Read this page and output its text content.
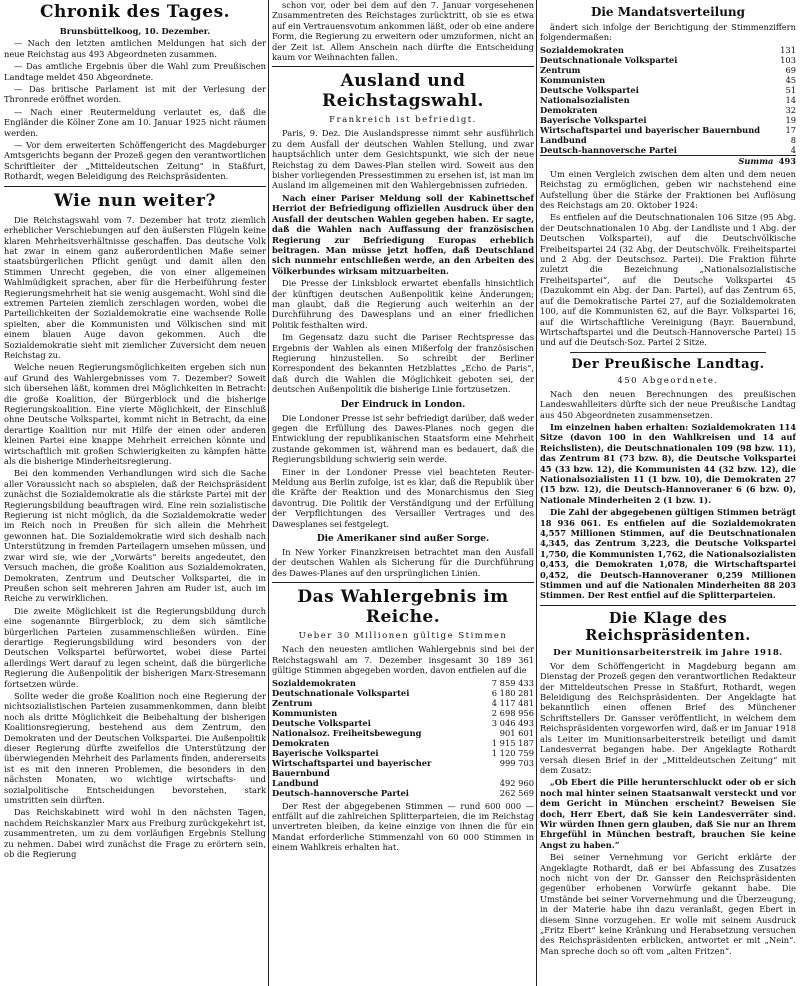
Chronik des Tages.

Brunsbüttelkoog, 10. Dezember.

— Nach den letzten amtlichen Meldungen hat sich der neue Reichstag aus 493 Abgeordneten zusammen.

— Das amtliche Ergebnis über die Wahl zum Preußischen Landtage meldet 450 Abgeordnete.

— Das britische Parlament ist mit der Verlesung der Thronrede eröffnet worden.

— Nach einer Reutermeldung verlautet es, daß die Engländer die Kölner Zone am 10. Januar 1925 nicht räumen werden.

— Vor dem erweiterten Schöffengericht des Magdeburger Amtsgerichts begann der Prozeß gegen den verantwortlichen Schriftleiter der „Mitteldeutschen Zeitung“ in Staßfurt, Rothardt, wegen Beleidigung des Reichspräsidenten.

Wie nun weiter?

Die Reichstagswahl vom 7. Dezember hat trotz ziemlich erheblicher Verschiebungen auf den äußersten Flügeln keine klaren Mehrheitsverhältnisse geschaffen. Das deutsche Volk hat zwar in einem ganz außerordentlichen Maße seiner staatsbürgerlichen Pflicht genügt und damit allen den Stimmen Unrecht gegeben, die von einer allgemeinen Wahlmüdigkeit sprachen, aber für die Herbeiführung fester Regierungsmehrheit hat sie wenig ausgemacht. Wohl sind die extremen Parteien ziemlich zerschlagen worden, wobei die Parteilichkeiten der Sozialdemokratie eine wachsende Rolle spielten, aber die Kommunisten und Völkischen sind mit einem blauen Auge davon gekommen. Auch die Sozialdemokratie sieht mit ziemlicher Zuversicht dem neuen Reichstag zu.

Welche neuen Regierungsmöglichkeiten ergeben sich nun auf Grund des Wahlergebnisses vom 7. Dezember? Soweit sich übersehen läßt, kommen drei Möglichkeiten in Betracht: die große Koalition, der Bürgerblock und die bisherige Regierungskoalition. Eine vierte Möglichkeit, der Einschluß ohne Deutsche Volkspartei, kommt nicht in Betracht, da eine derartige Koalition nur mit Hilfe der einen oder anderen kleinen Partei eine knappe Mehrheit erreichen könnte und wirtschaftlich mit großen Schwierigkeiten zu kämpfen hätte als die bisherige Minderheitsregierung.

Bei den kommenden Verhandlungen wird sich die Sache aller Voraussicht nach so abspielen, daß der Reichspräsident zunächst die Sozialdemokratie als die stärkste Partei mit der Regierungsbildung beauftragen wird. Eine rein sozialistische Regierung ist nicht möglich, da die Sozialdemokratie weder im Reich noch in Preußen für sich allein die Mehrheit gewonnen hat. Die Sozialdemokratie wird sich deshalb nach Unterstützung in fremden Parteilagern umsehen müssen, und zwar wird sie, wie der „Vorwärts“ bereits angedeutet, den Versuch machen, die große Koalition aus Sozialdemokraten, Demokraten, Zentrum und Deutscher Volkspartei, die in Preußen schon seit mehreren Jahren am Ruder ist, auch im Reiche zu verwirklichen.

Die zweite Möglichkeit ist die Regierungsbildung durch eine sogenannte Bürgerblock, zu dem sich sämtliche bürgerlichen Parteien zusammenschließen würden. Eine derartige Regierungsbildung wird besonders von der Deutschen Volkspartei befürwortet, wobei diese Partei allerdings Wert darauf zu legen scheint, daß die bürgerliche Regierung die Außenpolitik der bisherigen Marx-Stresemann fortsetzen würde.

Sollte weder die große Koalition noch eine Regierung der nichtsozialistischen Parteien zusammenkommen, dann bleibt noch als dritte Möglichkeit die Beibehaltung der bisherigen Koalitionsregierung, bestehend aus dem Zentrum, den Demokraten und der Deutschen Volkspartei. Die Außenpolitik dieser Regierung dürfte zweifellos die Unterstützung der überwiegenden Mehrheit des Parlaments finden, andererseits ist es mit den inneren Problemen, die besonders in den nächsten Monaten, wo wichtige wirtschafts- und sozialpolitische Entscheidungen bevorstehen, stark umstritten sein dürften.

Das Reichskabinett wird wohl in den nächsten Tagen, nachdem Reichskanzler Marx aus Freiburg zurückgekehrt ist, zusammentreten, um zu dem vorläufigen Ergebnis Stellung zu nehmen. Dabei wird zunächst die Frage zu erörtern sein, ob die Regierung

schon vor, oder bei dem auf den 7. Januar vorgesehenen Zusammentreten des Reichstages zurücktritt, ob sie es etwa auf ein Vertrauensvotum ankommen läßt, oder ob eine andere Form, die Regierung zu erweitern oder umzuformen, nicht an der Zeit ist. Allem Anschein nach dürfte die Entscheidung kaum vor Weihnachten fallen.

Ausland und Reichstagswahl.
Frankreich ist befriedigt.

Paris, 9. Dez. Die Auslandspresse nimmt sehr ausführlich zu dem Ausfall der deutschen Wahlen Stellung, und zwar hauptsächlich unter dem Gesichtspunkt, wie sich der neue Reichstag zu dem Dawes-Plan stellen wird. Soweit aus den bisher vorliegenden Pressestimmen zu ersehen ist, ist man im Ausland im allgemeinen mit den Wahlergebnissen zufrieden.

Nach einer Pariser Meldung soll der Kabinettschef Herriot der Befriedigung offiziellen Ausdruck über den Ausfall der deutschen Wahlen gegeben haben. Er sagte, daß die Wahlen nach Auffassung der französischen Regierung zur Befriedigung Europas erheblich beitragen. Man müsse jetzt hoffen, daß Deutschland sich nunmehr entschließen werde, an den Arbeiten des Völkerbundes wirksam mitzuarbeiten.

Die Presse der Linksblock erwartet ebenfalls hinsichtlich der künftigen deutschen Außenpolitik keine Änderungen; man glaubt, daß die Regierung auch weiterhin an der Durchführung des Dawesplans und an einer friedlichen Politik festhalten wird.

Im Gegensatz dazu sucht die Pariser Rechtspresse das Ergebnis der Wahlen als einen Mißerfolg der französischen Regierung hinzustellen. So schreibt der Berliner Korrespondent des bekannten Hetzblattes „Echo de Paris“, daß durch die Wahlen die Möglichkeit geboten sei, der deutschen Außenpolitik die bisherige Linie fortzusetzen.

Der Eindruck in London.

Die Londoner Presse ist sehr befriedigt darüber, daß weder gegen die Erfüllung des Dawes-Planes noch gegen die Entwicklung der republikanischen Staatsform eine Mehrheit zustande gekommen ist, während man es bedauert, daß die Regierungsbildung schwierig sein werde.

Einer in der Londoner Presse viel beachteten Reuter-Meldung aus Berlin zufolge, ist es klar, daß die Republik über die Kräfte der Reaktion und des Monarchismus den Sieg davontrug. Die Politik der Verständigung und der Erfüllung der Verpflichtungen des Versailler Vertrages und des Dawesplanes sei festgelegt.

Die Amerikaner sind außer Sorge.

In New Yorker Finanzkreisen betrachtet man den Ausfall der deutschen Wahlen als Sicherung für die Durchführung des Dawes-Planes auf den ursprünglichen Linien.

Das Wahlergebnis im Reiche.
Ueber 30 Millionen gültige Stimmen

Nach den neuesten amtlichen Wahlergebnis sind bei der Reichstagswahl am 7. Dezember insgesamt 30 189 361 gültige Stimmen abgegeben worden, davon entfielen auf die

Sozialdemokraten	7 859 433
Deutschnationale Volkspartei	6 180 281
Zentrum	4 117 481
Kommunisten	2 698 956
Deutsche Volkspartei	3 046 493
Nationalsoz. Freiheitsbewegung	901 601
Demokraten	1 915 187
Bayerische Volkspartei	1 120 759
Wirtschaftspartei und bayerischer Bauernbund	999 703
Landbund	492 960
Deutsch-hannoversche Partei	262 569

Der Rest der abgegebenen Stimmen — rund 600 000 — entfällt auf die zahlreichen Splitterparteien, die im Reichstag unvertreten bleiben, da keine einzige von ihnen die für ein Mandat erforderliche Stimmenzahl von 60 000 Stimmen in einem Wahlkreis erhalten hat.

Die Mandatsverteilung

ändert sich infolge der Berichtigung der Stimmenziffern folgendermaßen:

Sozialdemokraten	131
Deutschnationale Volkspartei	103
Zentrum	69
Kommunisten	45
Deutsche Volkspartei	51
Nationalsozialisten	14
Demokraten	32
Bayerische Volkspartei	19
Wirtschaftspartei und bayerischer Bauernbund	17
Landbund	8
Deutsch-hannoversche Partei	4
Summa	493

Um einen Vergleich zwischen dem alten und dem neuen Reichstag zu ermöglichen, geben wir nachstehend eine Aufstellung über die Stärke der Fraktionen bei Auflösung des Reichstags am 20. Oktober 1924:

Es entfielen auf die Deutschnationalen 106 Sitze (95 Abg. der Deutschnationalen 10 Abg. der Landliste und 1 Abg. der Deutschen Volkspartei), auf die Deutschvölkische Freiheitspartei 24 (32 Abg. der Deutschvölk. Freiheitspartei und 2 Abg. der Deutschsoz. Partei). Die Fraktion führte zuletzt die Bezeichnung „Nationalsozialistische Freiheitspartei“, auf die Deutsche Volkspartei 45 (Dazukommt ein Abg. der Dan. Partei), auf das Zentrum 65, auf die Demokratische Partei 27, auf die Sozialdemokraten 100, auf die Kommunisten 62, auf die Bayr. Volkspartei 16, auf die Wirtschaftliche Vereinigung (Bayr. Bauernbund, Wirtschaftspartei und die Deutsch-Hannoversche Partei) 15 und auf die Deutsch-Soz. Partei 2 Sitze.

Der Preußische Landtag.
450 Abgeordnete.

Nach den neuen Berechnungen des preußischen Landeswahlleiters dürfte sich der neue Preußische Landtag aus 450 Abgeordneten zusammensetzen.

Im einzelnen haben erhalten: Sozialdemokraten 114 Sitze (davon 100 in den Wahlkreisen und 14 auf Reichslisten), die Deutschnationalen 109 (98 bzw. 11), das Zentrum 81 (73 bzw. 8), die Deutsche Volkspartei 45 (33 bzw. 12), die Kommunisten 44 (32 bzw. 12), die Nationalsozialisten 11 (1 bzw. 10), die Demokraten 27 (15 bzw. 12), die Deutsch-Hannoveraner 6 (6 bzw. 0), Nationale Minderheiten 2 (1 bzw. 1).

Die Zahl der abgegebenen gültigen Stimmen beträgt 18 936 061. Es entfielen auf die Sozialdemokraten 4,557 Millionen Stimmen, auf die Deutschnationalen 4,345, das Zentrum 3,223, die Deutsche Volkspartei 1,750, die Kommunisten 1,762, die Nationalsozialisten 0,453, die Demokraten 1,078, die Wirtschaftspartei 0,452, die Deutsch-Hannoveraner 0,259 Millionen Stimmen und auf die Nationalen Minderheiten 88 203 Stimmen. Der Rest entfiel auf die Splitterparteien.

Die Klage des Reichspräsidenten.
Der Munitionsarbeiterstreik im Jahre 1918.

Vor dem Schöffengericht in Magdeburg begann am Dienstag der Prozeß gegen den verantwortlichen Redakteur der Mitteldeutschen Presse in Staßfurt, Rothardt, wegen Beleidigung des Reichspräsidenten. Der Angeklagte hat bekanntlich einen offenen Brief des Münchener Schriftstellers Dr. Gansser veröffentlicht, in welchem dem Reichspräsidenten vorgeworfen wird, daß er im Januar 1918 als Leiter im Munitionsarbeiterstreik beteiligt und damit Landesverrat begangen habe. Der Angeklagte Rothardt versah diesen Brief in der „Mitteldeutschen Zeitung“ mit dem Zusatz:

„Ob Ebert die Pille herunterschluckt oder ob er sich noch mal hinter seinen Staatsanwalt versteckt und vor dem Gericht in München erscheint? Beweisen Sie doch, Herr Ebert, daß Sie kein Landesverräter sind. Wir würden Ihnen gern glauben, daß Sie nur an Ihrem Ehrgefühl in München bestraft, brauchen Sie keine Angst zu haben.“

Bei seiner Vernehmung vor Gericht erklärte der Angeklagte Rothardt, daß er bei Abfassung des Zusatzes noch nicht von der Dr. Gansser den Reichspräsidenten gegenüber erhobenen Vorwürfe gekannt habe. Die Umstände bei seiner Vorvernehmung und die Überzeugung, in der Materie habe ihn dazu veranlaßt, gegen Ebert in diesem Sinne vorzugehen. Er wolle mit seinem Ausdruck „Fritz Ebert“ keine Kränkung und Herabsetzung versuchen des Reichspräsidenten erblicken, antwortet er mit „Nein“. Man spreche doch so oft vom „alten Fritzen“.
